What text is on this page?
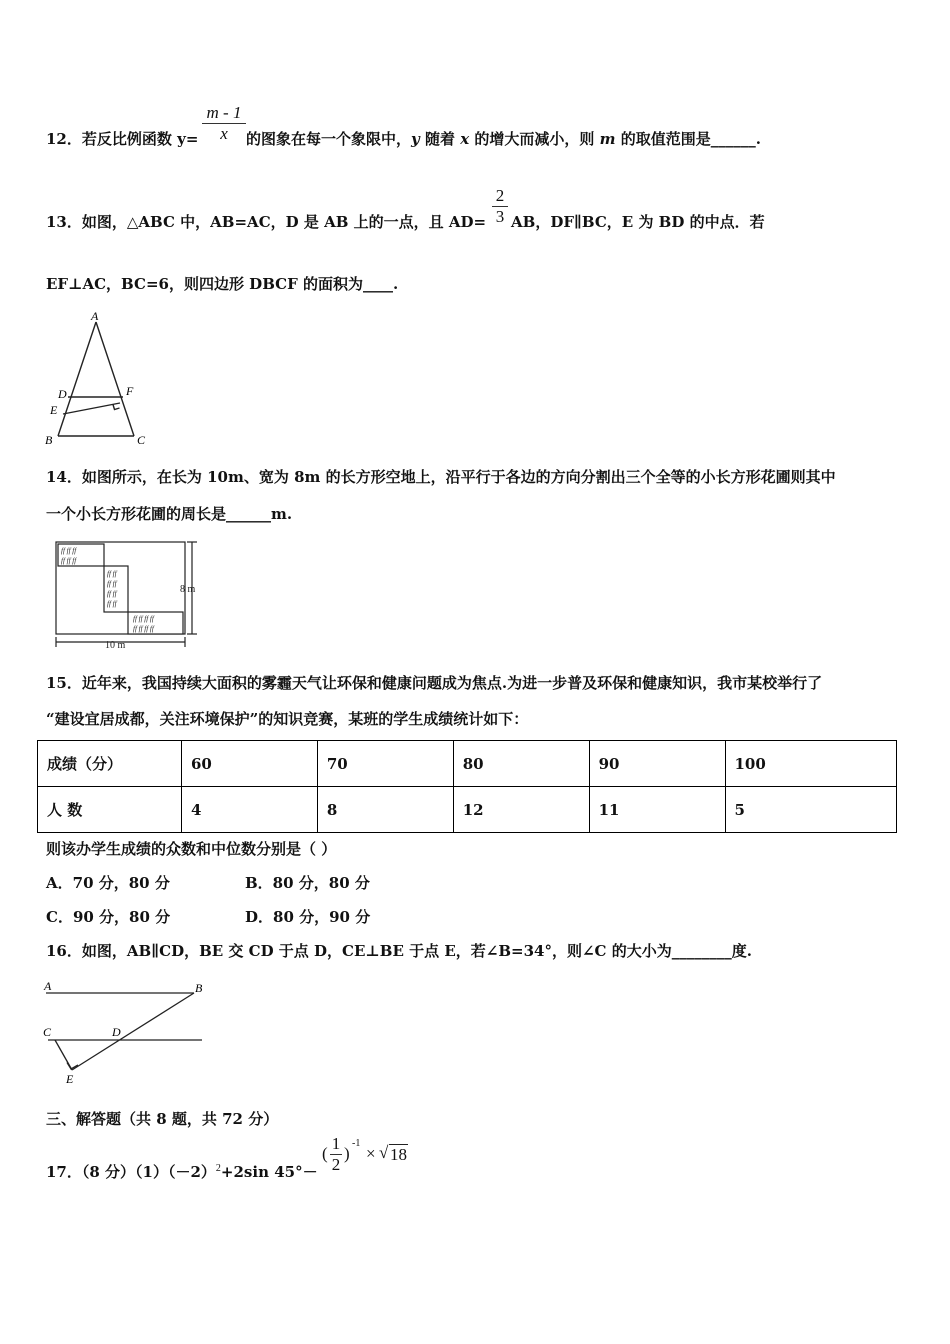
12．若反比例函数 y=
m - 1
x	的图象在每一个象限中，y 随着 x 的增大而减小，则 m 的取值范围是______.
13．如图，△ABC 中，AB=AC，D 是 AB 上的一点，且 AD=
2
3 AB，DF∥BC，E 为 BD 的中点．若
EF⊥AC，BC=6，则四边形 DBCF 的面积为____.
A
D	F
E
B	C
14．如图所示，在长为 10m、宽为 8m 的长方形空地上，沿平行于各边的方向分割出三个全等的小长方形花圃则其中
一个小长方形花圃的周长是______m.
ff ff ff
ff ff ff
ff ff
ff ff
ff ff
ff ff
ff ff ff ff
ff ff ff ff
8 m
10 m
15．近年来，我国持续大面积的雾霾天气让环保和健康问题成为焦点.为进一步普及环保和健康知识，我市某校举行了
“建设宜居成都，关注环境保护”的知识竞赛，某班的学生成绩统计如下：
成绩（分）	60	70	80	90	100
人 数	4	8	12	11	5
则该办学生成绩的众数和中位数分别是（ ）
A．70 分，80 分	B．80 分，80 分
C．90 分，80 分	D．80 分，90 分
16．如图，AB∥CD，BE 交 CD 于点 D，CE⊥BE 于点 E，若∠B=34°，则∠C 的大小为________度.
A	B
C	D
E
三、解答题（共 8 题，共 72 分）
17．（8 分）$(1)(-2)^2+2\sin$ 45°－
(
1
2
)
-1
× √ 18
